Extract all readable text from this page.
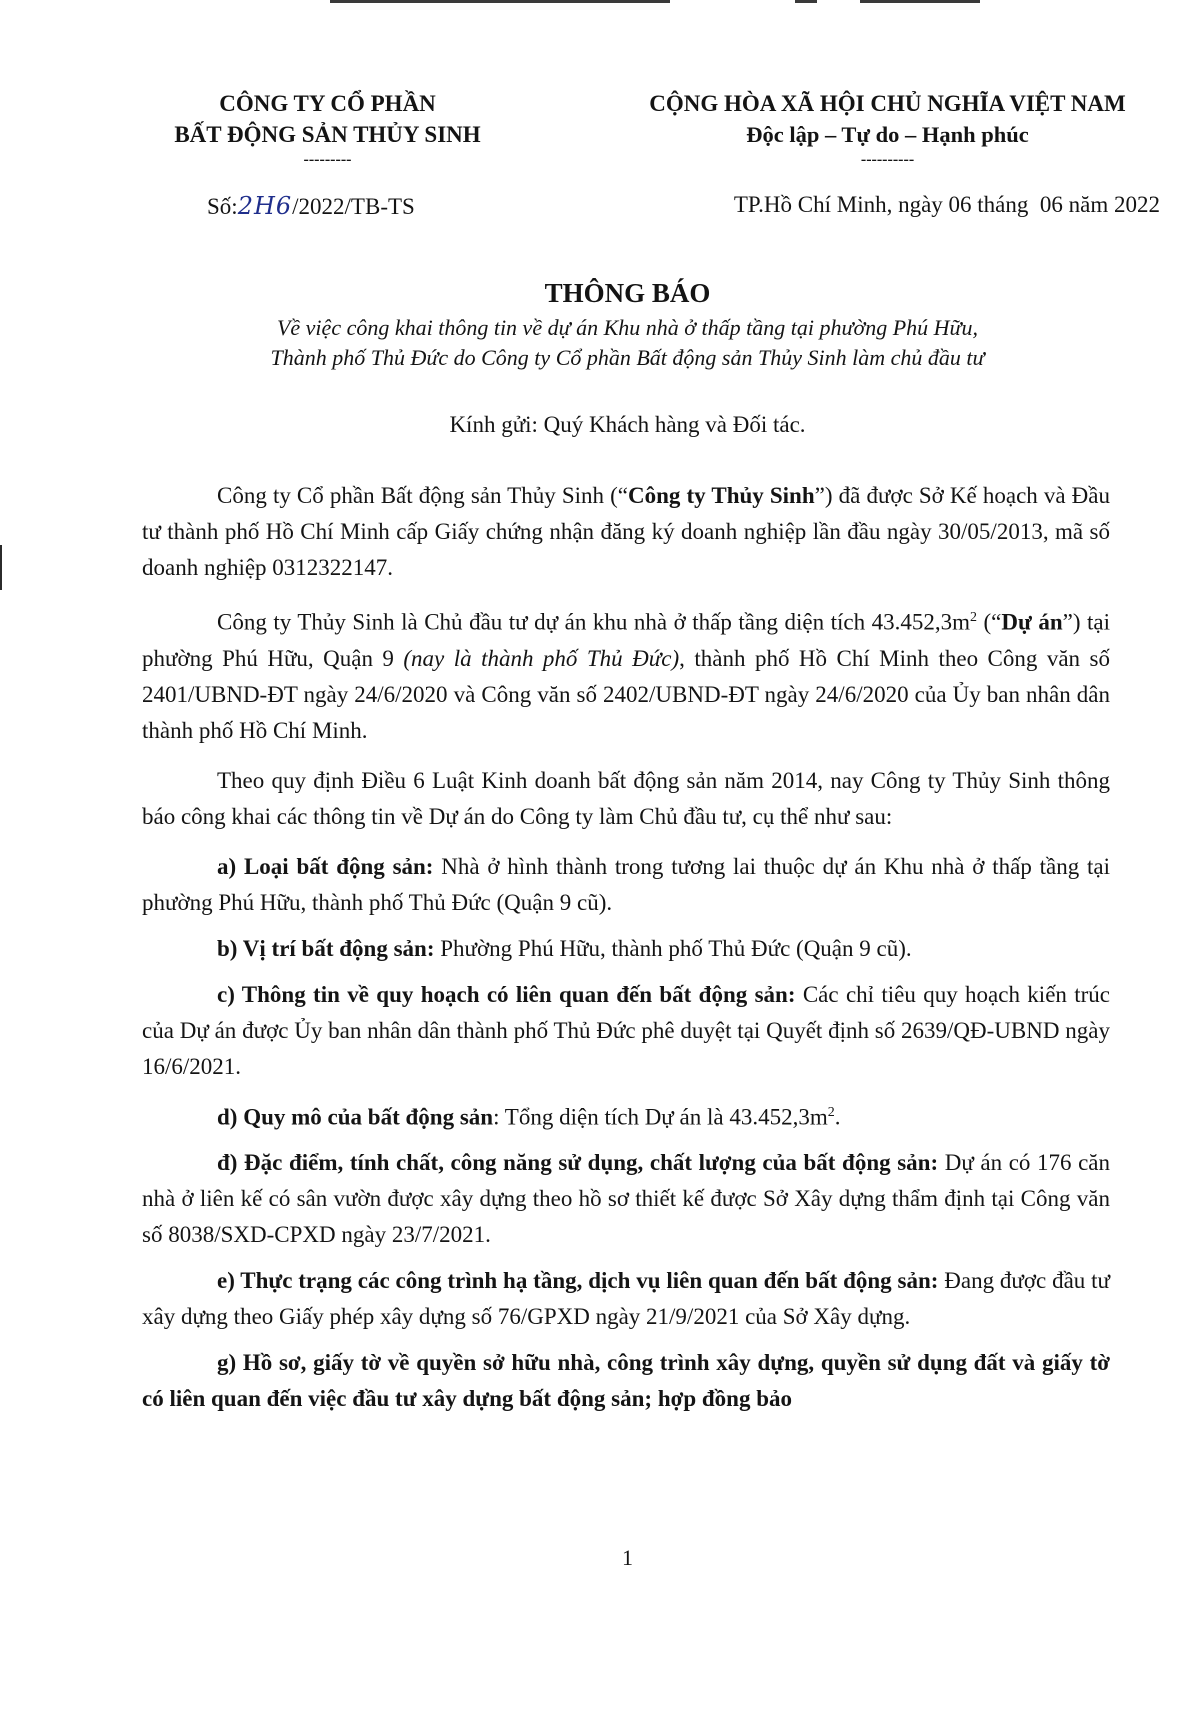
CÔNG TY CỔ PHẦN
BẤT ĐỘNG SẢN THỦY SINH
---------
CỘNG HÒA XÃ HỘI CHỦ NGHĨA VIỆT NAM
Độc lập – Tự do – Hạnh phúc
----------
Số:2H6/2022/TB-TS	TP.Hồ Chí Minh, ngày 06 tháng  06 năm 2022
THÔNG BÁO
Về việc công khai thông tin về dự án Khu nhà ở thấp tầng tại phường Phú Hữu,
Thành phố Thủ Đức do Công ty Cổ phần Bất động sản Thủy Sinh làm chủ đầu tư
Kính gửi: Quý Khách hàng và Đối tác.

Công ty Cổ phần Bất động sản Thủy Sinh (“Công ty Thủy Sinh”) đã được Sở Kế hoạch và Đầu tư thành phố Hồ Chí Minh cấp Giấy chứng nhận đăng ký doanh nghiệp lần đầu ngày 30/05/2013, mã số doanh nghiệp 0312322147.

Công ty Thủy Sinh là Chủ đầu tư dự án khu nhà ở thấp tầng diện tích $43.452,3m^2$ (“Dự án”) tại phường Phú Hữu, Quận 9 (nay là thành phố Thủ Đức), thành phố Hồ Chí Minh theo Công văn số 2401/UBND-ĐT ngày 24/6/2020 và Công văn số 2402/UBND-ĐT ngày 24/6/2020 của Ủy ban nhân dân thành phố Hồ Chí Minh.

Theo quy định Điều 6 Luật Kinh doanh bất động sản năm 2014, nay Công ty Thủy Sinh thông báo công khai các thông tin về Dự án do Công ty làm Chủ đầu tư, cụ thể như sau:

a) Loại bất động sản: Nhà ở hình thành trong tương lai thuộc dự án Khu nhà ở thấp tầng tại phường Phú Hữu, thành phố Thủ Đức (Quận 9 cũ).

b) Vị trí bất động sản: Phường Phú Hữu, thành phố Thủ Đức (Quận 9 cũ).

c) Thông tin về quy hoạch có liên quan đến bất động sản: Các chỉ tiêu quy hoạch kiến trúc của Dự án được Ủy ban nhân dân thành phố Thủ Đức phê duyệt tại Quyết định số 2639/QĐ-UBND ngày 16/6/2021.

d) Quy mô của bất động sản: Tổng diện tích Dự án là $43.452,3m^2$.

đ) Đặc điểm, tính chất, công năng sử dụng, chất lượng của bất động sản: Dự án có 176 căn nhà ở liên kế có sân vườn được xây dựng theo hồ sơ thiết kế được Sở Xây dựng thẩm định tại Công văn số 8038/SXD-CPXD ngày 23/7/2021.

e) Thực trạng các công trình hạ tầng, dịch vụ liên quan đến bất động sản: Đang được đầu tư xây dựng theo Giấy phép xây dựng số 76/GPXD ngày 21/9/2021 của Sở Xây dựng.

g) Hồ sơ, giấy tờ về quyền sở hữu nhà, công trình xây dựng, quyền sử dụng đất và giấy tờ có liên quan đến việc đầu tư xây dựng bất động sản; hợp đồng bảo

1
